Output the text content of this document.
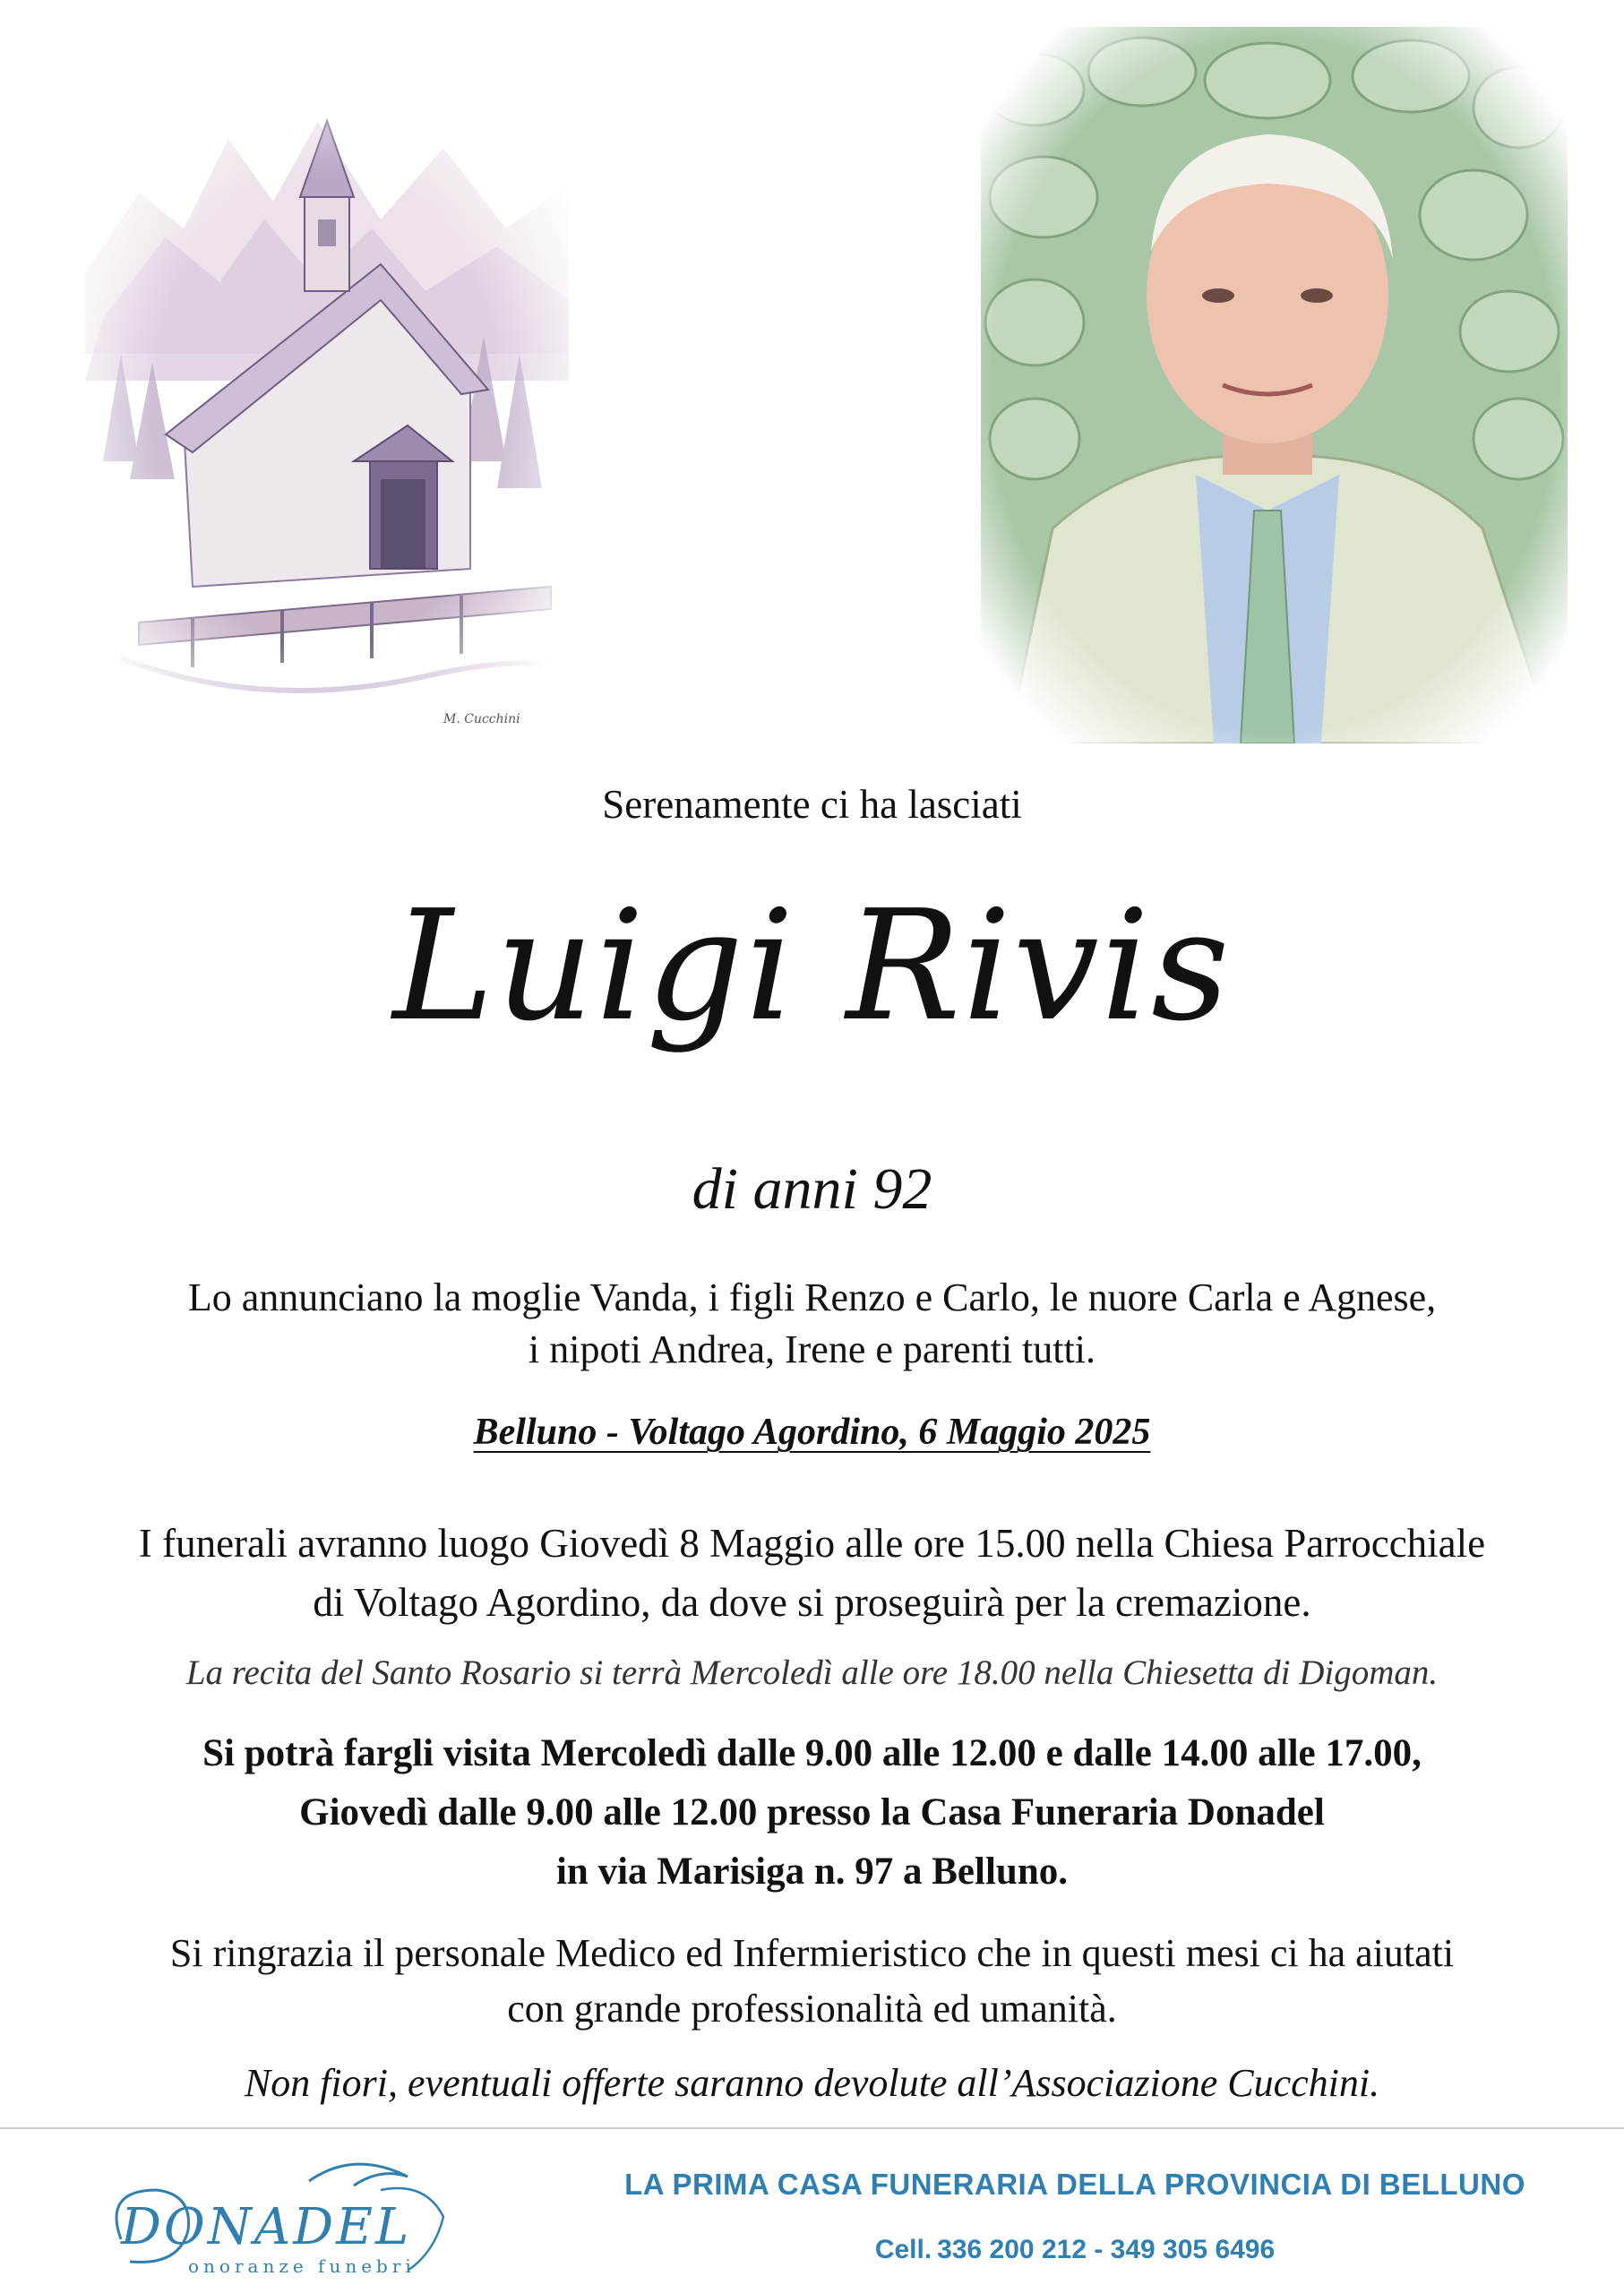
M. Cucchini
Serenamente ci ha lasciati
Luigi Rivis
di anni 92
Lo annunciano la moglie Vanda, i figli Renzo e Carlo, le nuore Carla e Agnese,
i nipoti Andrea, Irene e parenti tutti.
Belluno - Voltago Agordino, 6 Maggio 2025
I funerali avranno luogo Giovedì 8 Maggio alle ore 15.00 nella Chiesa Parrocchiale
di Voltago Agordino, da dove si proseguirà per la cremazione.
La recita del Santo Rosario si terrà Mercoledì alle ore 18.00 nella Chiesetta di Digoman.
Si potrà fargli visita Mercoledì dalle 9.00 alle 12.00 e dalle 14.00 alle 17.00,
Giovedì dalle 9.00 alle 12.00 presso la Casa Funeraria Donadel
in via Marisiga n. 97 a Belluno.
Si ringrazia il personale Medico ed Infermieristico che in questi mesi ci ha aiutati
con grande professionalità ed umanità.
Non fiori, eventuali offerte saranno devolute all’Associazione Cucchini.
DONADEL
onoranze funebri
LA PRIMA CASA FUNERARIA DELLA PROVINCIA DI BELLUNO
Cell. 336 200 212 - 349 305 6496
